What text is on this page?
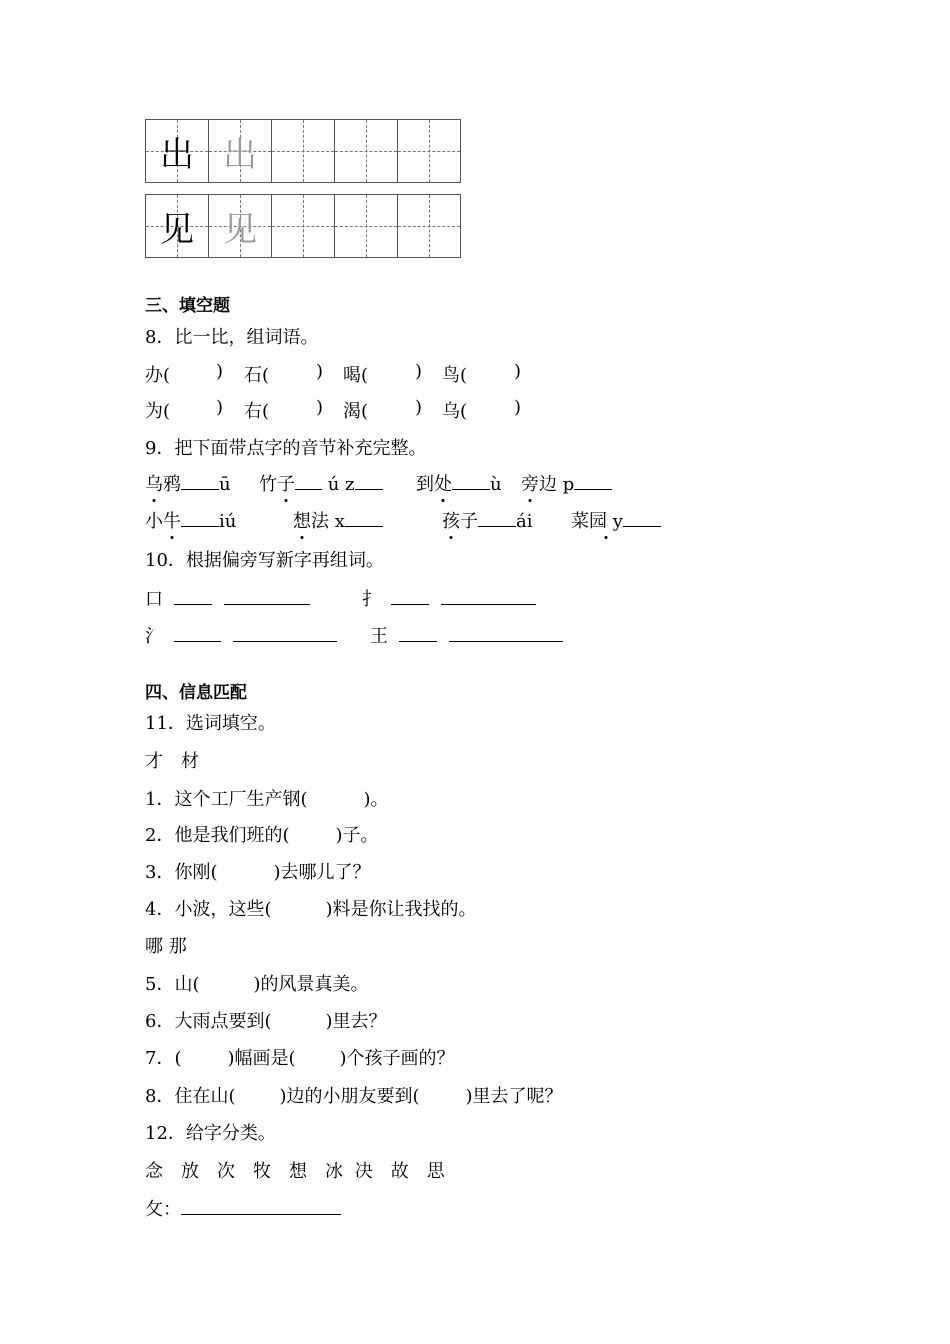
出 出
见 见
三、填空题
8．比一比，组词语。
办(	) 石(	) 喝(	) 鸟(	)
为(	) 右(	) 渴(	) 乌(	)
9．把下面带点字的音节补充完整。
乌鸦 ū 竹子 ú z	到处 ù 旁边 p
小牛 iú	想法 x	孩子 ái 菜园 y
10．根据偏旁写新字再组词。
口	扌
氵	王
四、信息匹配
11．选词填空。
才　材
1．这个工厂生产钢(	)。
2．他是我们班的(	)子。
3．你刚(	)去哪儿了？
4．小波，这些(	)料是你让我找的。
哪 那
5．山(	)的风景真美。
6．大雨点要到(	)里去？
7．(	)幅画是( )个孩子画的？
8．住在山( )边的小朋友要到(	)里去了呢？
12．给字分类。
念　放　次　牧　想　冰 决　故　思
攵：
